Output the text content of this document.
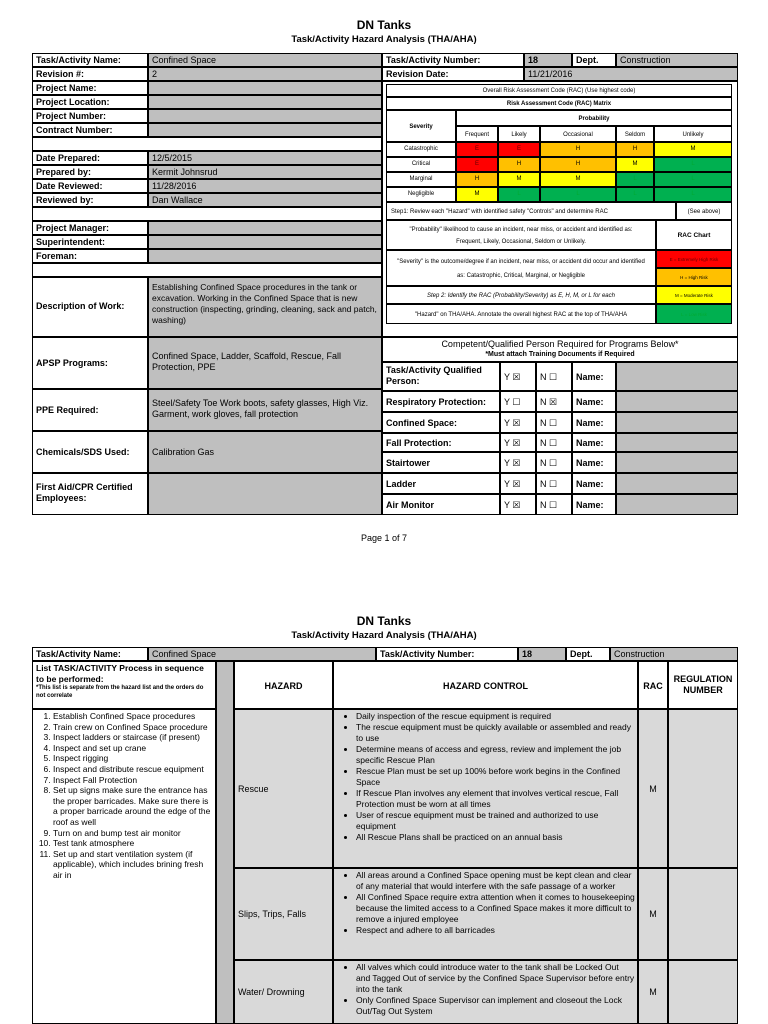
DN Tanks
Task/Activity Hazard Analysis (THA/AHA)
Task/Activity Name:	Confined Space	Task/Activity Number:	18	Dept.	Construction
Revision #:	2	Revision Date:	11/21/2016
Project Name:
Project Location:
Project Number:
Contract Number:
Date Prepared:	12/5/2015
Prepared by:	Kermit Johnsrud
Date Reviewed:	11/28/2016
Reviewed by:	Dan Wallace
Project Manager:
Superintendent:
Foreman:
Description of Work:
Establishing Confined Space procedures in the tank or excavation. Working in the Confined Space that is new construction (inspecting, grinding, cleaning, sack and patch, washing)
APSP Programs:
Confined Space, Ladder, Scaffold, Rescue, Fall Protection, PPE
PPE Required:
Steel/Safety Toe Work boots, safety glasses, High Viz. Garment, work gloves, fall protection
Chemicals/SDS Used:	Calibration Gas
First Aid/CPR Certified Employees:
Overall Risk Assessment Code (RAC) (Use highest code)
Risk Assessment Code (RAC) Matrix
Severity
Probability
Frequent	Likely	Occasional	Seldom	Unlikely
Catastrophic	E	E	H	H	M
Critical	E	H	H	M	L
Marginal	H	M	M	L	L
Negligible	M	L	L	L	L
Step1: Review each "Hazard" with identified safety "Controls" and determine RAC	(See above)
"Probability" likelihood to cause an incident, near miss, or accident and identified as: Frequent, Likely, Occasional, Seldom or Unlikely.
RAC Chart
"Severity" is the outcome/degree if an incident, near miss, or accident did occur and identified as: Catastrophic, Critical, Marginal, or Negligible
E = Extremely High Risk
H = High Risk
Step 2: Identify the RAC (Probability/Severity) as E, H, M, or L for each
"Hazard" on THA/AHA. Annotate the overall highest RAC at the top of THA/AHA
M = Moderate Risk
L = Low Risk
Competent/Qualified Person Required for Programs Below*
*Must attach Training Documents if Required
Task/Activity Qualified Person:	Y ☒	N ☐	Name:
Respiratory Protection:	Y ☐	N ☒	Name:
Confined Space:	Y ☒	N ☐	Name:
Fall Protection:	Y ☒	N ☐	Name:
Stairtower	Y ☒	N ☐	Name:
Ladder	Y ☒	N ☐	Name:
Air Monitor	Y ☒	N ☐	Name:
Page 1 of 7
DN Tanks
Task/Activity Hazard Analysis (THA/AHA)
Task/Activity Name:	Confined Space	Task/Activity Number:	18	Dept.	Construction
List TASK/ACTIVITY Process in sequence to be performed:
*This list is separate from the hazard list and the orders do not correlate
1. Establish Confined Space procedures
2. Train crew on Confined Space procedure
3. Inspect ladders or staircase (if present)
4. Inspect and set up crane
5. Inspect rigging
6. Inspect and distribute rescue equipment
7. Inspect Fall Protection
8. Set up signs make sure the entrance has the proper barricades. Make sure there is a proper barricade around the edge of the roof as well
9. Turn on and bump test air monitor
10. Test tank atmosphere
11. Set up and start ventilation system (if applicable), which includes brining fresh air in
HAZARD	HAZARD CONTROL	RAC
REGULATION NUMBER
Rescue
• Daily inspection of the rescue equipment is required
• The rescue equipment must be quickly available or assembled and ready to use
• Determine means of access and egress, review and implement the job specific Rescue Plan
• Rescue Plan must be set up 100% before work begins in the Confined Space
• If Rescue Plan involves any element that involves vertical rescue, Fall Protection must be worn at all times
• User of rescue equipment must be trained and authorized to use equipment
• All Rescue Plans shall be practiced on an annual basis
M
Slips, Trips, Falls
• All areas around a Confined Space opening must be kept clean and clear of any material that would interfere with the safe passage of a worker
• All Confined Space require extra attention when it comes to housekeeping because the limited access to a Confined Space makes it more difficult to remove a injured employee
• Respect and adhere to all barricades
M
Water/ Drowning
• All valves which could introduce water to the tank shall be Locked Out and Tagged Out of service by the Confined Space Supervisor before entry into the tank
• Only Confined Space Supervisor can implement and closeout the Lock Out/Tag Out System
M
